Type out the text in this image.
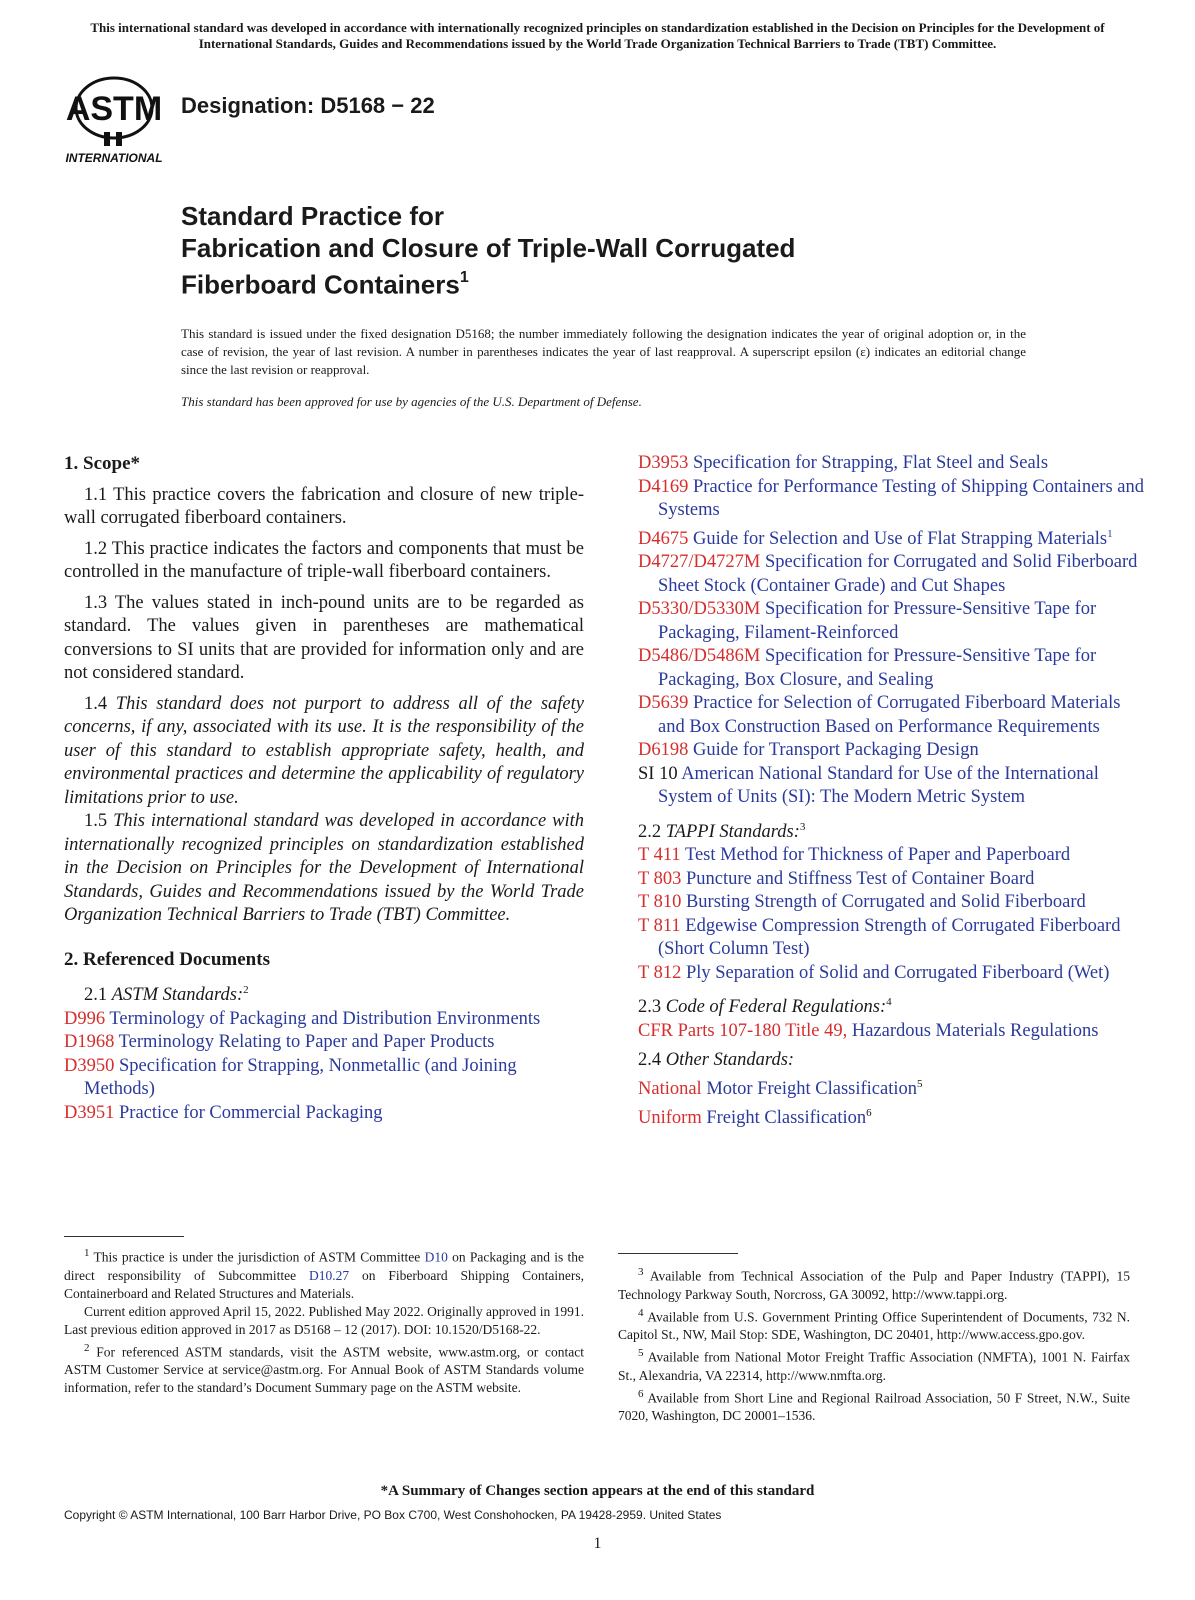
This international standard was developed in accordance with internationally recognized principles on standardization established in the Decision on Principles for the Development of International Standards, Guides and Recommendations issued by the World Trade Organization Technical Barriers to Trade (TBT) Committee.
ASTM
INTERNATIONAL
Designation: D5168 − 22
Standard Practice for
Fabrication and Closure of Triple-Wall Corrugated
Fiberboard Containers$^1$
This standard is issued under the fixed designation D5168; the number immediately following the designation indicates the year of original adoption or, in the case of revision, the year of last revision. A number in parentheses indicates the year of last reapproval. A superscript epsilon (ε) indicates an editorial change since the last revision or reapproval.
This standard has been approved for use by agencies of the U.S. Department of Defense.
1. Scope*

1.1 This practice covers the fabrication and closure of new triple-wall corrugated fiberboard containers.

1.2 This practice indicates the factors and components that must be controlled in the manufacture of triple-wall fiberboard containers.

1.3 The values stated in inch-pound units are to be regarded as standard. The values given in parentheses are mathematical conversions to SI units that are provided for information only and are not considered standard.

1.4 This standard does not purport to address all of the safety concerns, if any, associated with its use. It is the responsibility of the user of this standard to establish appropriate safety, health, and environmental practices and determine the applicability of regulatory limitations prior to use.

1.5 This international standard was developed in accordance with internationally recognized principles on standardization established in the Decision on Principles for the Development of International Standards, Guides and Recommendations issued by the World Trade Organization Technical Barriers to Trade (TBT) Committee.

2. Referenced Documents

2.1 ASTM Standards:$^2$

D996 Terminology of Packaging and Distribution Environments

D1968 Terminology Relating to Paper and Paper Products

D3950 Specification for Strapping, Nonmetallic (and Joining Methods)

D3951 Practice for Commercial Packaging

D3953 Specification for Strapping, Flat Steel and Seals

D4169 Practice for Performance Testing of Shipping Containers and Systems

D4675 Guide for Selection and Use of Flat Strapping Materials$^1$

D4727/D4727M Specification for Corrugated and Solid Fiberboard Sheet Stock (Container Grade) and Cut Shapes

D5330/D5330M Specification for Pressure-Sensitive Tape for Packaging, Filament-Reinforced

D5486/D5486M Specification for Pressure-Sensitive Tape for Packaging, Box Closure, and Sealing

D5639 Practice for Selection of Corrugated Fiberboard Materials and Box Construction Based on Performance Requirements

D6198 Guide for Transport Packaging Design

SI 10 American National Standard for Use of the International System of Units (SI): The Modern Metric System

2.2 TAPPI Standards:$^3$

T 411 Test Method for Thickness of Paper and Paperboard

T 803 Puncture and Stiffness Test of Container Board

T 810 Bursting Strength of Corrugated and Solid Fiberboard

T 811 Edgewise Compression Strength of Corrugated Fiberboard (Short Column Test)

T 812 Ply Separation of Solid and Corrugated Fiberboard (Wet)

2.3 Code of Federal Regulations:$^4$

CFR Parts 107-180 Title 49, Hazardous Materials Regulations

2.4 Other Standards:

National Motor Freight Classification$^5$

Uniform Freight Classification$^6$

$^1$ This practice is under the jurisdiction of ASTM Committee D10 on Packaging and is the direct responsibility of Subcommittee D10.27 on Fiberboard Shipping Containers, Containerboard and Related Structures and Materials.

Current edition approved April 15, 2022. Published May 2022. Originally approved in 1991. Last previous edition approved in 2017 as D5168 – 12 (2017). DOI: 10.1520/D5168-22.

$^2$ For referenced ASTM standards, visit the ASTM website, www.astm.org, or contact ASTM Customer Service at service@astm.org. For Annual Book of ASTM Standards volume information, refer to the standard’s Document Summary page on the ASTM website.

$^3$ Available from Technical Association of the Pulp and Paper Industry (TAPPI), 15 Technology Parkway South, Norcross, GA 30092, http://www.tappi.org.

$^4$ Available from U.S. Government Printing Office Superintendent of Documents, 732 N. Capitol St., NW, Mail Stop: SDE, Washington, DC 20401, http://www.access.gpo.gov.

$^5$ Available from National Motor Freight Traffic Association (NMFTA), 1001 N. Fairfax St., Alexandria, VA 22314, http://www.nmfta.org.

$^6$ Available from Short Line and Regional Railroad Association, 50 F Street, N.W., Suite 7020, Washington, DC 20001–1536.

*A Summary of Changes section appears at the end of this standard
Copyright © ASTM International, 100 Barr Harbor Drive, PO Box C700, West Conshohocken, PA 19428-2959. United States
1
